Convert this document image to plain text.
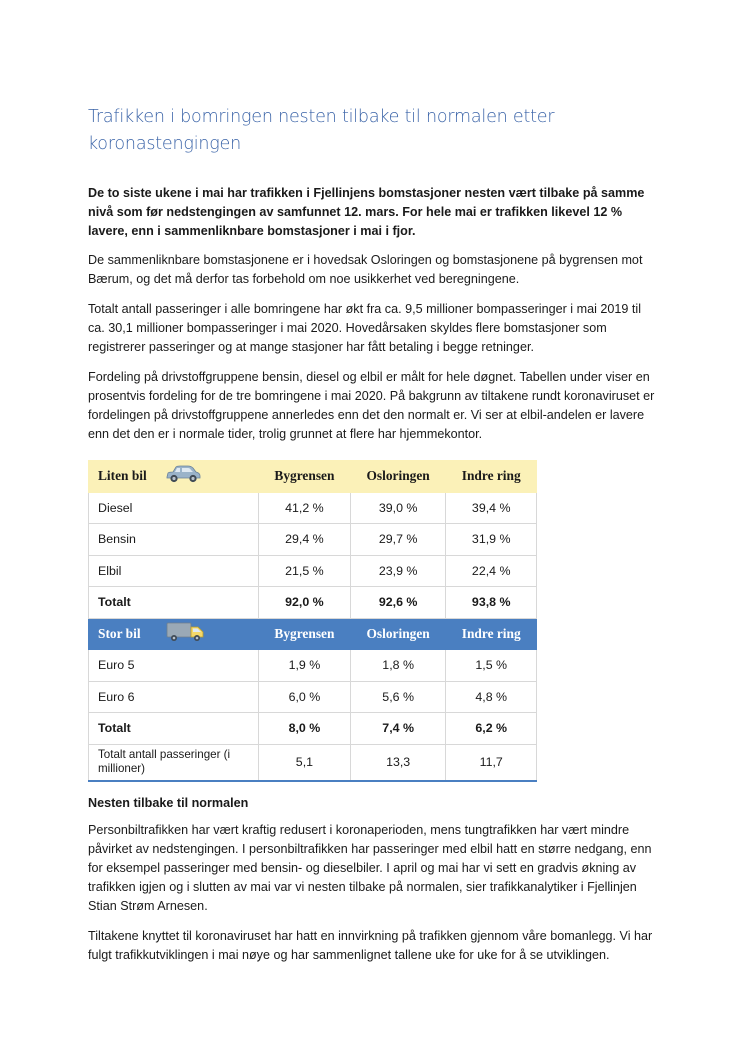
Trafikken i bomringen nesten tilbake til normalen etter koronastengingen

De to siste ukene i mai har trafikken i Fjellinjens bomstasjoner nesten vært tilbake på samme nivå som før nedstengingen av samfunnet 12. mars. For hele mai er trafikken likevel 12 % lavere, enn i sammenliknbare bomstasjoner i mai i fjor.

De sammenliknbare bomstasjonene er i hovedsak Osloringen og bomstasjonene på bygrensen mot Bærum, og det må derfor tas forbehold om noe usikkerhet ved beregningene.

Totalt antall passeringer i alle bomringene har økt fra ca. 9,5 millioner bompasseringer i mai 2019 til ca. 30,1 millioner bompasseringer i mai 2020. Hovedårsaken skyldes flere bomstasjoner som registrerer passeringer og at mange stasjoner har fått betaling i begge retninger.

Fordeling på drivstoffgruppene bensin, diesel og elbil er målt for hele døgnet. Tabellen under viser en prosentvis fordeling for de tre bomringene i mai 2020. På bakgrunn av tiltakene rundt koronaviruset er fordelingen på drivstoffgruppene annerledes enn det den normalt er. Vi ser at elbil-andelen er lavere enn det den er i normale tider, trolig grunnet at flere har hjemmekontor.

Liten bil	Bygrensen	Osloringen	Indre ring
Diesel	41,2 %	39,0 %	39,4 %
Bensin	29,4 %	29,7 %	31,9 %
Elbil	21,5 %	23,9 %	22,4 %
Totalt	92,0 %	92,6 %	93,8 %
Stor bil	Bygrensen	Osloringen	Indre ring
Euro 5	1,9 %	1,8 %	1,5 %
Euro 6	6,0 %	5,6 %	4,8 %
Totalt	8,0 %	7,4 %	6,2 %
Totalt antall passeringer (i millioner)	5,1	13,3	11,7
Nesten tilbake til normalen

Personbiltrafikken har vært kraftig redusert i koronaperioden, mens tungtrafikken har vært mindre påvirket av nedstengingen. I personbiltrafikken har passeringer med elbil hatt en større nedgang, enn for eksempel passeringer med bensin- og dieselbiler. I april og mai har vi sett en gradvis økning av trafikken igjen og i slutten av mai var vi nesten tilbake på normalen, sier trafikkanalytiker i Fjellinjen Stian Strøm Arnesen.

Tiltakene knyttet til koronaviruset har hatt en innvirkning på trafikken gjennom våre bomanlegg. Vi har fulgt trafikkutviklingen i mai nøye og har sammenlignet tallene uke for uke for å se utviklingen.
